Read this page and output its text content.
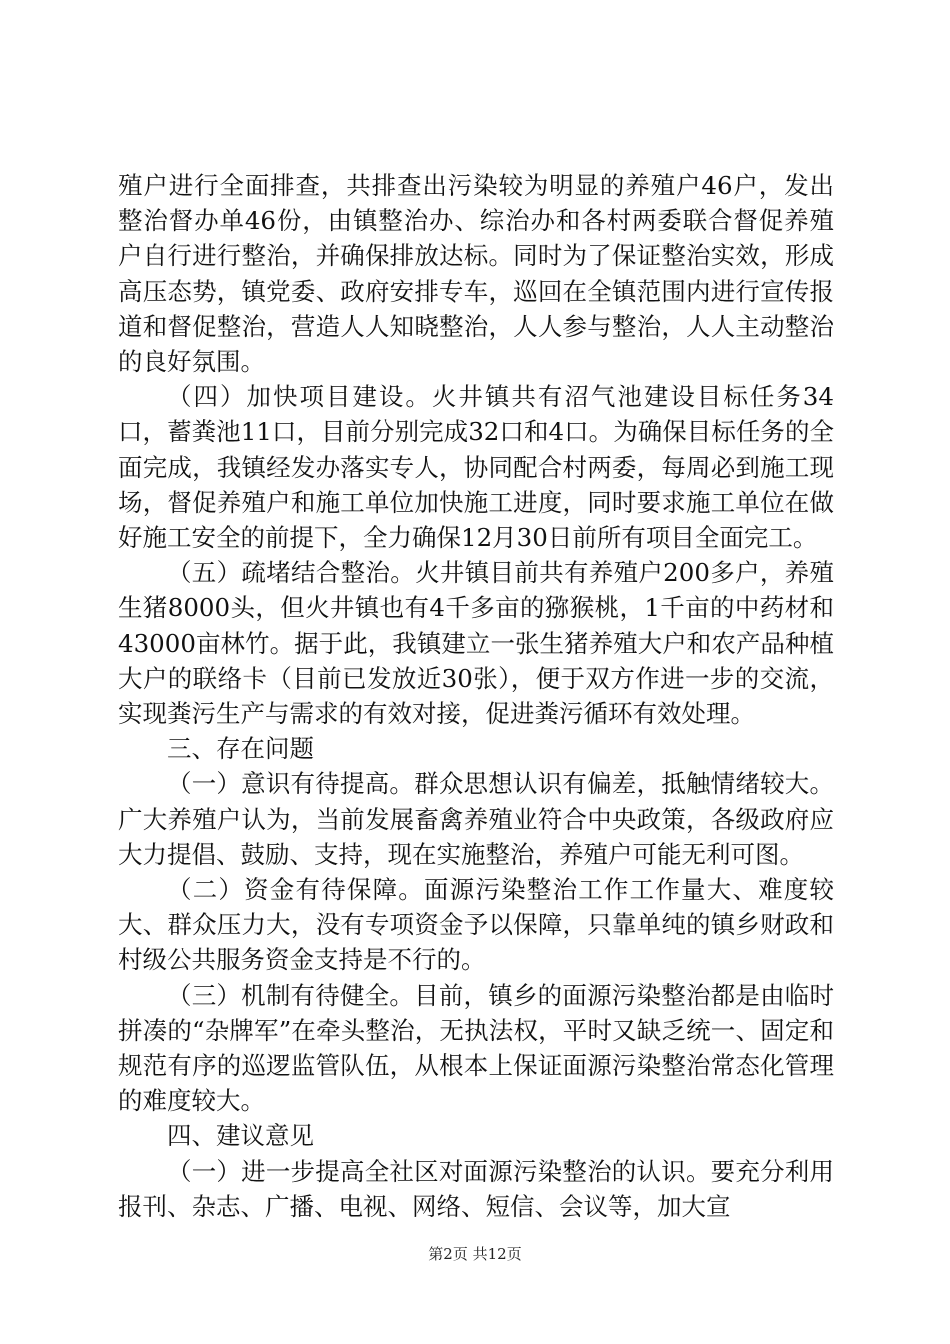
殖户进行全面排查，共排查出污染较为明显的养殖户46户，发出整治督办单46份，由镇整治办、综治办和各村两委联合督促养殖户自行进行整治，并确保排放达标。同时为了保证整治实效，形成高压态势，镇党委、政府安排专车，巡回在全镇范围内进行宣传报道和督促整治，营造人人知晓整治，人人参与整治，人人主动整治的良好氛围。

（四）加快项目建设。火井镇共有沼气池建设目标任务34口，蓄粪池11口，目前分别完成32口和4口。为确保目标任务的全面完成，我镇经发办落实专人，协同配合村两委，每周必到施工现场，督促养殖户和施工单位加快施工进度，同时要求施工单位在做好施工安全的前提下，全力确保12月30日前所有项目全面完工。

（五）疏堵结合整治。火井镇目前共有养殖户200多户，养殖生猪8000头，但火井镇也有4千多亩的猕猴桃，1千亩的中药材和43000亩林竹。据于此，我镇建立一张生猪养殖大户和农产品种植大户的联络卡（目前已发放近30张），便于双方作进一步的交流，实现粪污生产与需求的有效对接，促进粪污循环有效处理。

三、存在问题

（一）意识有待提高。群众思想认识有偏差，抵触情绪较大。广大养殖户认为，当前发展畜禽养殖业符合中央政策，各级政府应大力提倡、鼓励、支持，现在实施整治，养殖户可能无利可图。

（二）资金有待保障。面源污染整治工作工作量大、难度较大、群众压力大，没有专项资金予以保障，只靠单纯的镇乡财政和村级公共服务资金支持是不行的。

（三）机制有待健全。目前，镇乡的面源污染整治都是由临时拼凑的“杂牌军”在牵头整治，无执法权，平时又缺乏统一、固定和规范有序的巡逻监管队伍，从根本上保证面源污染整治常态化管理的难度较大。

四、建议意见

（一）进一步提高全社区对面源污染整治的认识。要充分利用报刊、杂志、广播、电视、网络、短信、会议等，加大宣

第2页 共12页
